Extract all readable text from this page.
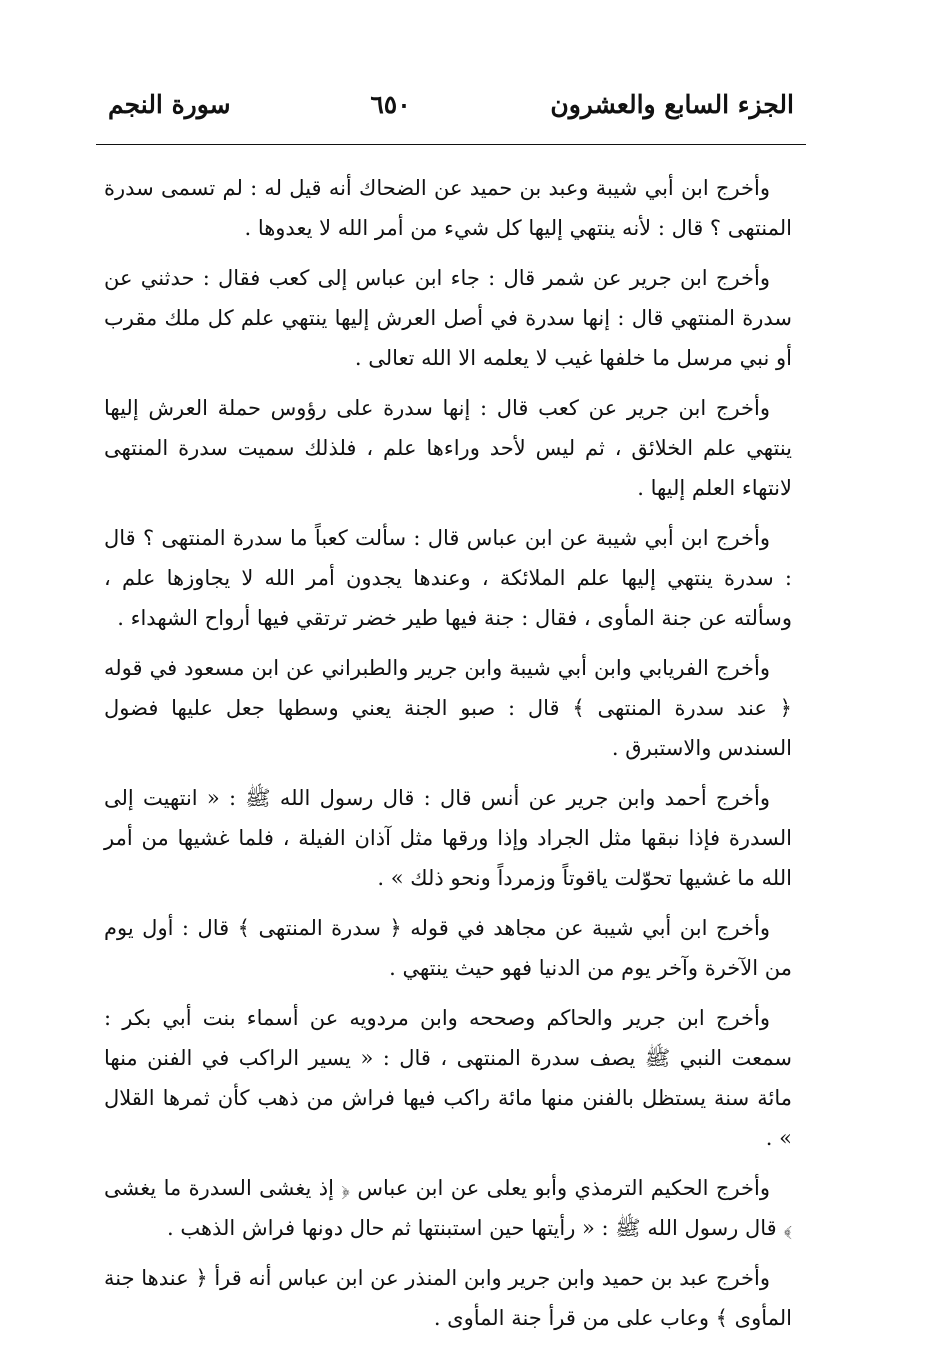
الجزء السابع والعشرون
٦٥٠
سورة النجم

وأخرج ابن أبي شيبة وعبد بن حميد عن الضحاك أنه قيل له : لم تسمى سدرة المنتهى ؟ قال : لأنه ينتهي إليها كل شيء من أمر الله لا يعدوها .

وأخرج ابن جرير عن شمر قال : جاء ابن عباس إلى كعب فقال : حدثني عن سدرة المنتهي قال : إنها سدرة في أصل العرش إليها ينتهي علم كل ملك مقرب أو نبي مرسل ما خلفها غيب لا يعلمه الا الله تعالى .

وأخرج ابن جرير عن كعب قال : إنها سدرة على رؤوس حملة العرش إليها ينتهي علم الخلائق ، ثم ليس لأحد وراءها علم ، فلذلك سميت سدرة المنتهى لانتهاء العلم إليها .

وأخرج ابن أبي شيبة عن ابن عباس قال : سألت كعباً ما سدرة المنتهى ؟ قال : سدرة ينتهي إليها علم الملائكة ، وعندها يجدون أمر الله لا يجاوزها علم ، وسألته عن جنة المأوى ، فقال : جنة فيها طير خضر ترتقي فيها أرواح الشهداء .

وأخرج الفريابي وابن أبي شيبة وابن جرير والطبراني عن ابن مسعود في قوله ﴿ عند سدرة المنتهى ﴾ قال : صبو الجنة يعني وسطها جعل عليها فضول السندس والاستبرق .

وأخرج أحمد وابن جرير عن أنس قال : قال رسول الله ﷺ : « انتهيت إلى السدرة فإذا نبقها مثل الجراد وإذا ورقها مثل آذان الفيلة ، فلما غشيها من أمر الله ما غشيها تحوّلت ياقوتاً وزمرداً ونحو ذلك » .

وأخرج ابن أبي شيبة عن مجاهد في قوله ﴿ سدرة المنتهى ﴾ قال : أول يوم من الآخرة وآخر يوم من الدنيا فهو حيث ينتهي .

وأخرج ابن جرير والحاكم وصححه وابن مردويه عن أسماء بنت أبي بكر : سمعت النبي ﷺ يصف سدرة المنتهى ، قال : « يسير الراكب في الفنن منها مائة سنة يستظل بالفنن منها مائة راكب فيها فراش من ذهب كأن ثمرها القلال » .

وأخرج الحكيم الترمذي وأبو يعلى عن ابن عباس ﴿ إذ يغشى السدرة ما يغشى ﴾ قال رسول الله ﷺ : « رأيتها حين استبنتها ثم حال دونها فراش الذهب .

وأخرج عبد بن حميد وابن جرير وابن المنذر عن ابن عباس أنه قرأ ﴿ عندها جنة المأوى ﴾ وعاب على من قرأ جنة المأوى .
